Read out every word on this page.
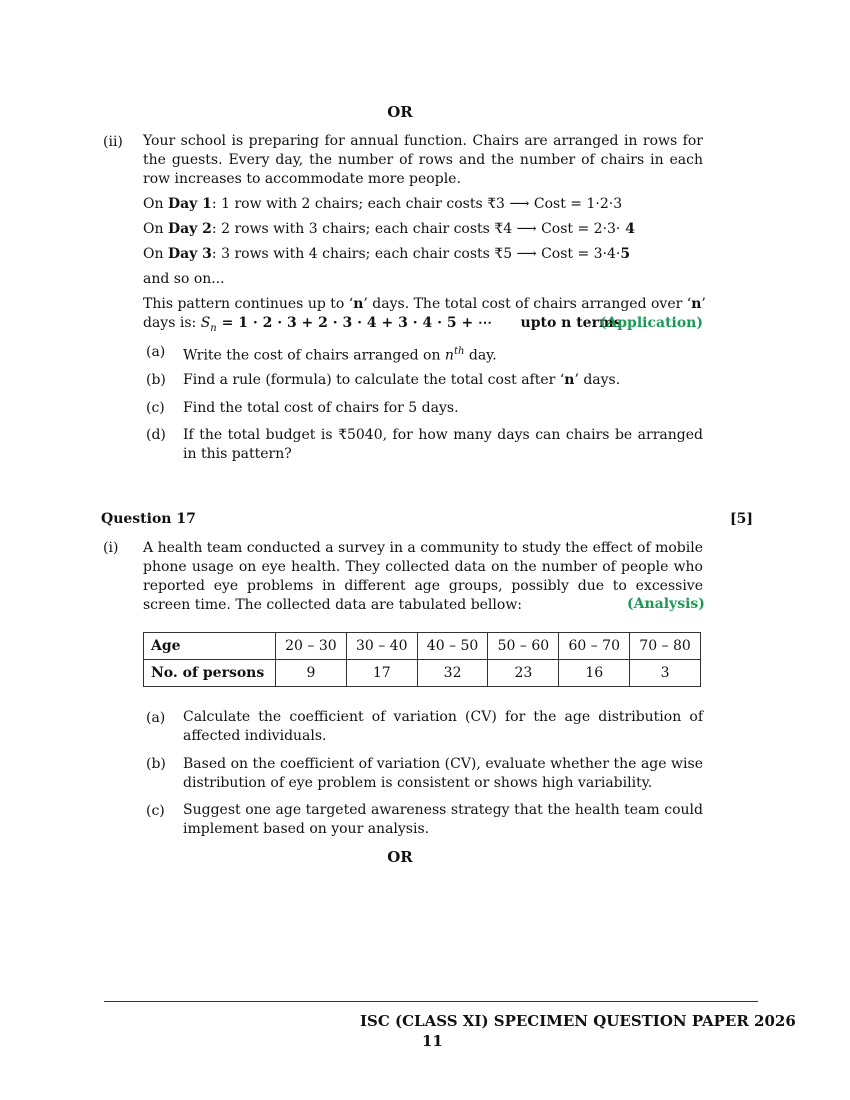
OR
(ii) Your school is preparing for annual function. Chairs are arranged in rows for the guests. Every day, the number of rows and the number of chairs in each row increases to accommodate more people.
On Day 1: 1 row with 2 chairs; each chair costs ₹3 ⟶ Cost = 1·2·3
On Day 2: 2 rows with 3 chairs; each chair costs ₹4 ⟶ Cost = 2·3· 4
On Day 3: 3 rows with 4 chairs; each chair costs ₹5 ⟶ Cost = 3·4·5
and so on...
This pattern continues up to ‘n’ days. The total cost of chairs arranged over ‘n’
days is: $S_n = 1 \cdot 2 \cdot 3 + 2 \cdot 3 \cdot 4 + 3 \cdot 4 \cdot 5$ + ⋯ upto n terms
(Application)
(a) Write the cost of chairs arranged on $n^{th}$ day.
(b) Find a rule (formula) to calculate the total cost after ‘n’ days.
(c) Find the total cost of chairs for 5 days.
(d) If the total budget is ₹5040, for how many days can chairs be arranged in this pattern?
Question 17	[5]
(i) A health team conducted a survey in a community to study the effect of mobile phone usage on eye health. They collected data on the number of people who reported eye problems in different age groups, possibly due to excessive screen time. The collected data are tabulated bellow:	(Analysis)
Age	20 – 30	30 – 40	40 – 50	50 – 60	60 – 70	70 – 80
No. of persons	9	17	32	23	16	3
(a) Calculate the coefficient of variation (CV) for the age distribution of affected individuals.
(b) Based on the coefficient of variation (CV), evaluate whether the age wise distribution of eye problem is consistent or shows high variability.
(c) Suggest one age targeted awareness strategy that the health team could implement based on your analysis.
OR
ISC (CLASS XI) SPECIMEN QUESTION PAPER 2026
11
